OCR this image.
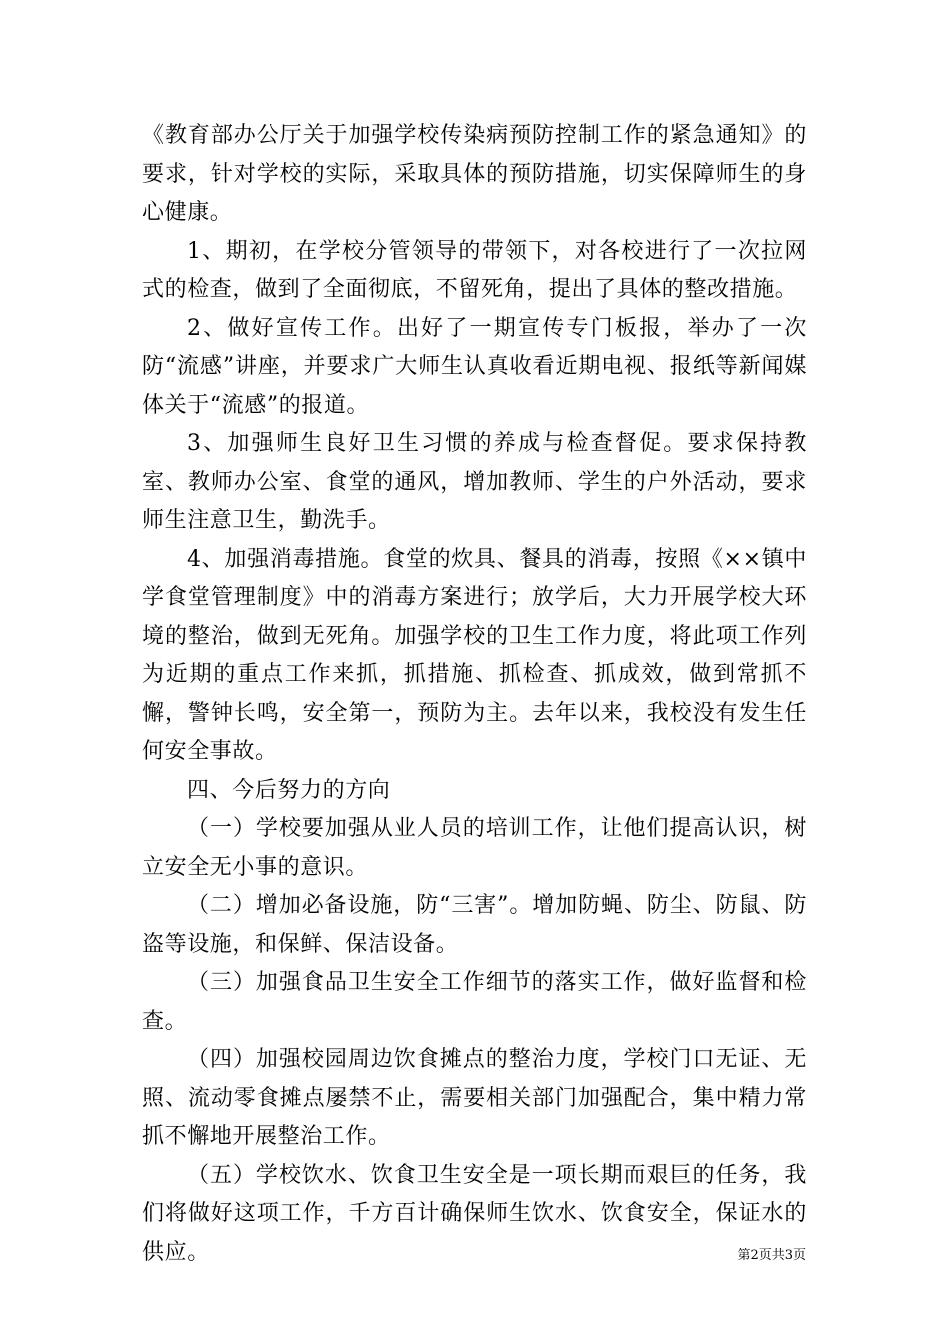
《教育部办公厅关于加强学校传染病预防控制工作的紧急通知》的要求，针对学校的实际，采取具体的预防措施，切实保障师生的身心健康。

1、期初，在学校分管领导的带领下，对各校进行了一次拉网式的检查，做到了全面彻底，不留死角，提出了具体的整改措施。

2、做好宣传工作。出好了一期宣传专门板报，举办了一次防“流感”讲座，并要求广大师生认真收看近期电视、报纸等新闻媒体关于“流感”的报道。

3、加强师生良好卫生习惯的养成与检查督促。要求保持教室、教师办公室、食堂的通风，增加教师、学生的户外活动，要求师生注意卫生，勤洗手。

4、加强消毒措施。食堂的炊具、餐具的消毒，按照《××镇中学食堂管理制度》中的消毒方案进行；放学后，大力开展学校大环境的整治，做到无死角。加强学校的卫生工作力度，将此项工作列为近期的重点工作来抓，抓措施、抓检查、抓成效，做到常抓不懈，警钟长鸣，安全第一，预防为主。去年以来，我校没有发生任何安全事故。

四、今后努力的方向

（一）学校要加强从业人员的培训工作，让他们提高认识，树立安全无小事的意识。

（二）增加必备设施，防“三害”。增加防蝇、防尘、防鼠、防盗等设施，和保鲜、保洁设备。

（三）加强食品卫生安全工作细节的落实工作，做好监督和检查。

（四）加强校园周边饮食摊点的整治力度，学校门口无证、无照、流动零食摊点屡禁不止，需要相关部门加强配合，集中精力常抓不懈地开展整治工作。

（五）学校饮水、饮食卫生安全是一项长期而艰巨的任务，我们将做好这项工作，千方百计确保师生饮水、饮食安全，保证水的供应。	第2页共3页
